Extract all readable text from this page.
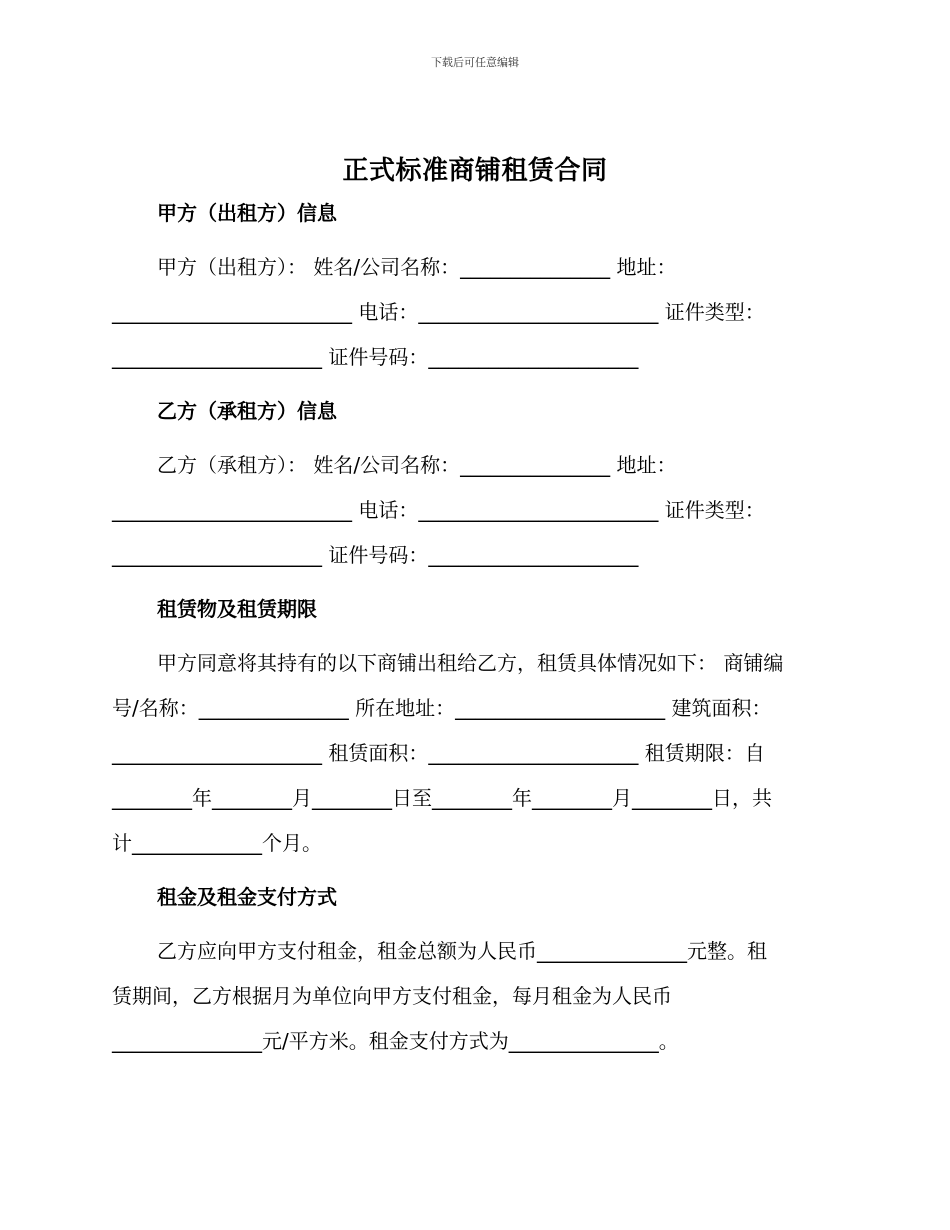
下载后可任意编辑
正式标准商铺租赁合同
甲方（出租方）信息
甲方（出租方）： 姓名/公司名称：_______________ 地址：
________________________ 电话：________________________ 证件类型：
_____________________ 证件号码：_____________________
乙方（承租方）信息
乙方（承租方）： 姓名/公司名称：_______________ 地址：
________________________ 电话：________________________ 证件类型：
_____________________ 证件号码：_____________________
租赁物及租赁期限
甲方同意将其持有的以下商铺出租给乙方，租赁具体情况如下： 商铺编
号/名称：_______________ 所在地址：_____________________ 建筑面积：
_____________________ 租赁面积：_____________________ 租赁期限：自
________年________月________日至________年________月________日，共
计_____________个月。
租金及租金支付方式
乙方应向甲方支付租金，租金总额为人民币_______________元整。租
赁期间，乙方根据月为单位向甲方支付租金，每月租金为人民币
_______________元/平方米。租金支付方式为_______________。
